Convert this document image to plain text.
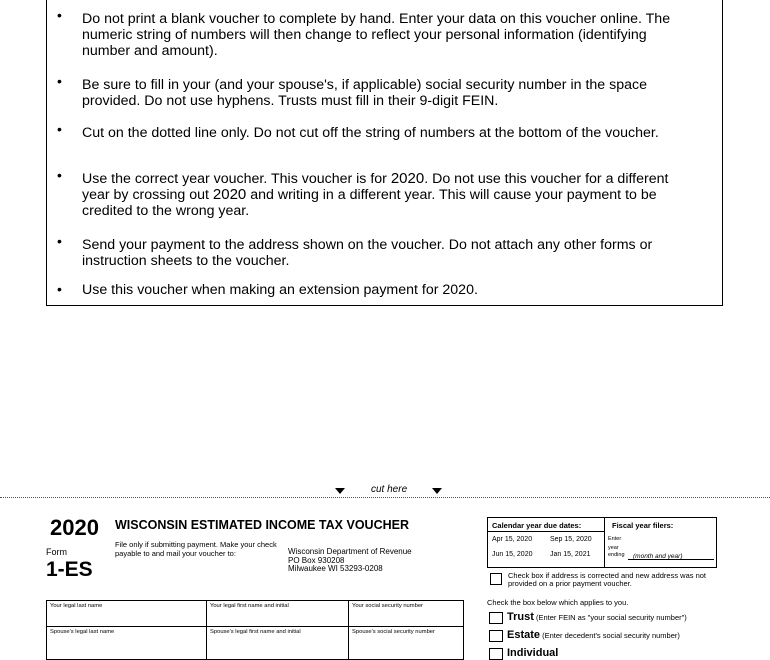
• Do not print a blank voucher to complete by hand. Enter your data on this voucher online. The numeric string of numbers will then change to reflect your personal information (identifying number and amount).
• Be sure to fill in your (and your spouse's, if applicable) social security number in the space provided. Do not use hyphens. Trusts must fill in their 9-digit FEIN.
• Cut on the dotted line only. Do not cut off the string of numbers at the bottom of the voucher.
• Use the correct year voucher. This voucher is for 2020. Do not use this voucher for a different year by crossing out 2020 and writing in a different year. This will cause your payment to be credited to the wrong year.
• Send your payment to the address shown on the voucher. Do not attach any other forms or instruction sheets to the voucher.
• Use this voucher when making an extension payment for 2020.
cut here
2020 WISCONSIN ESTIMATED INCOME TAX VOUCHER
Form
1-ES
File only if submitting payment. Make your check payable to and mail your voucher to:	Wisconsin Department of Revenue
PO Box 930208
Milwaukee WI 53293-0208
Your legal last name	Your legal first name and initial	Your social security number
Spouse's legal last name	Spouse's legal first name and initial	Spouse's social security number
Calendar year due dates:
Apr 15, 2020	Sep 15, 2020
Jun 15, 2020	Jan 15, 2021
Fiscal year filers:
Enter
year
ending (month and year)
Check box if address is corrected and new address was not provided on a prior payment voucher.
Check the box below which applies to you.
Trust (Enter FEIN as "your social security number")
Estate (Enter decedent's social security number)
Individual
